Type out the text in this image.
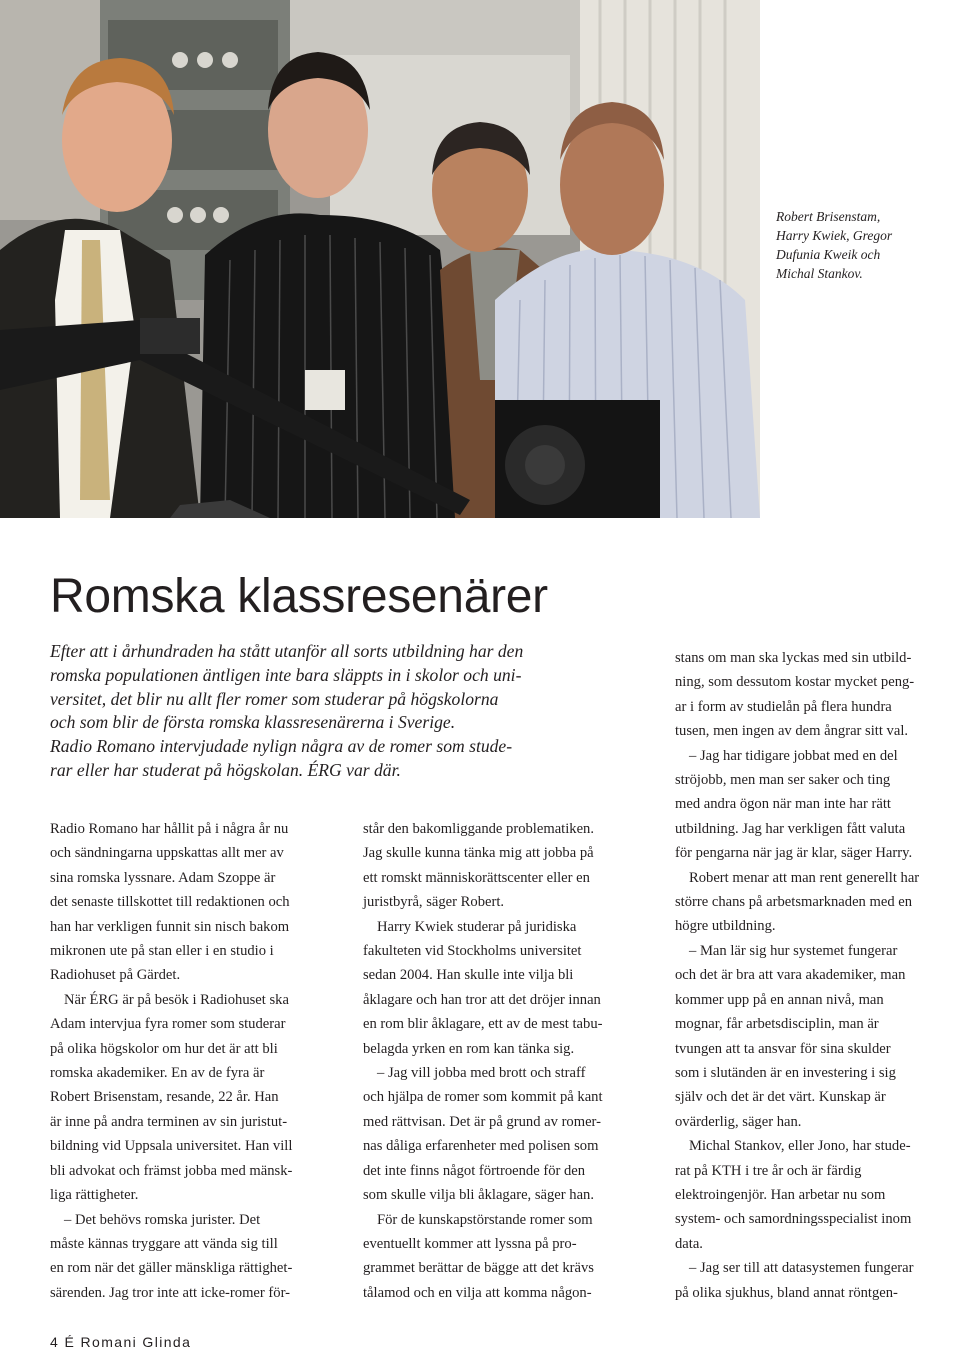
Robert Brisenstam,
Harry Kwiek, Gregor
Dufunia Kweik och
Michal Stankov.
Romska klassresenärer
Efter att i århundraden ha stått utanför all sorts utbildning har den
romska populationen äntligen inte bara släppts in i skolor och uni-
versitet, det blir nu allt fler romer som studerar på högskolorna
och som blir de första romska klassresenärerna i Sverige.
Radio Romano intervjudade nylign några av de romer som stude-
rar eller har studerat på högskolan. ÉRG var där.
Radio Romano har hållit på i några år nu
och sändningarna uppskattas allt mer av
sina romska lyssnare. Adam Szoppe är
det senaste tillskottet till redaktionen och
han har verkligen funnit sin nisch bakom
mikronen ute på stan eller i en studio i
Radiohuset på Gärdet.
När ÉRG är på besök i Radiohuset ska
Adam intervjua fyra romer som studerar
på olika högskolor om hur det är att bli
romska akademiker. En av de fyra är
Robert Brisenstam, resande, 22 år. Han
är inne på andra terminen av sin juristut-
bildning vid Uppsala universitet. Han vill
bli advokat och främst jobba med mänsk-
liga rättigheter.
– Det behövs romska jurister. Det
måste kännas tryggare att vända sig till
en rom när det gäller mänskliga rättighet-
särenden. Jag tror inte att icke-romer för-
står den bakomliggande problematiken.
Jag skulle kunna tänka mig att jobba på
ett romskt människorättscenter eller en
juristbyrå, säger Robert.
Harry Kwiek studerar på juridiska
fakulteten vid Stockholms universitet
sedan 2004. Han skulle inte vilja bli
åklagare och han tror att det dröjer innan
en rom blir åklagare, ett av de mest tabu-
belagda yrken en rom kan tänka sig.
– Jag vill jobba med brott och straff
och hjälpa de romer som kommit på kant
med rättvisan. Det är på grund av romer-
nas dåliga erfarenheter med polisen som
det inte finns något förtroende för den
som skulle vilja bli åklagare, säger han.
För de kunskapstörstande romer som
eventuellt kommer att lyssna på pro-
grammet berättar de bägge att det krävs
tålamod och en vilja att komma någon-
stans om man ska lyckas med sin utbild-
ning, som dessutom kostar mycket peng-
ar i form av studielån på flera hundra
tusen, men ingen av dem ångrar sitt val.
– Jag har tidigare jobbat med en del
ströjobb, men man ser saker och ting
med andra ögon när man inte har rätt
utbildning. Jag har verkligen fått valuta
för pengarna när jag är klar, säger Harry.
Robert menar att man rent generellt har
större chans på arbetsmarknaden med en
högre utbildning.
– Man lär sig hur systemet fungerar
och det är bra att vara akademiker, man
kommer upp på en annan nivå, man
mognar, får arbetsdisciplin, man är
tvungen att ta ansvar för sina skulder
som i slutänden är en investering i sig
själv och det är det värt. Kunskap är
ovärderlig, säger han.
Michal Stankov, eller Jono, har stude-
rat på KTH i tre år och är färdig
elektroingenjör. Han arbetar nu som
system- och samordningsspecialist inom
data.
– Jag ser till att datasystemen fungerar
på olika sjukhus, bland annat röntgen-
4 É Romani Glinda
